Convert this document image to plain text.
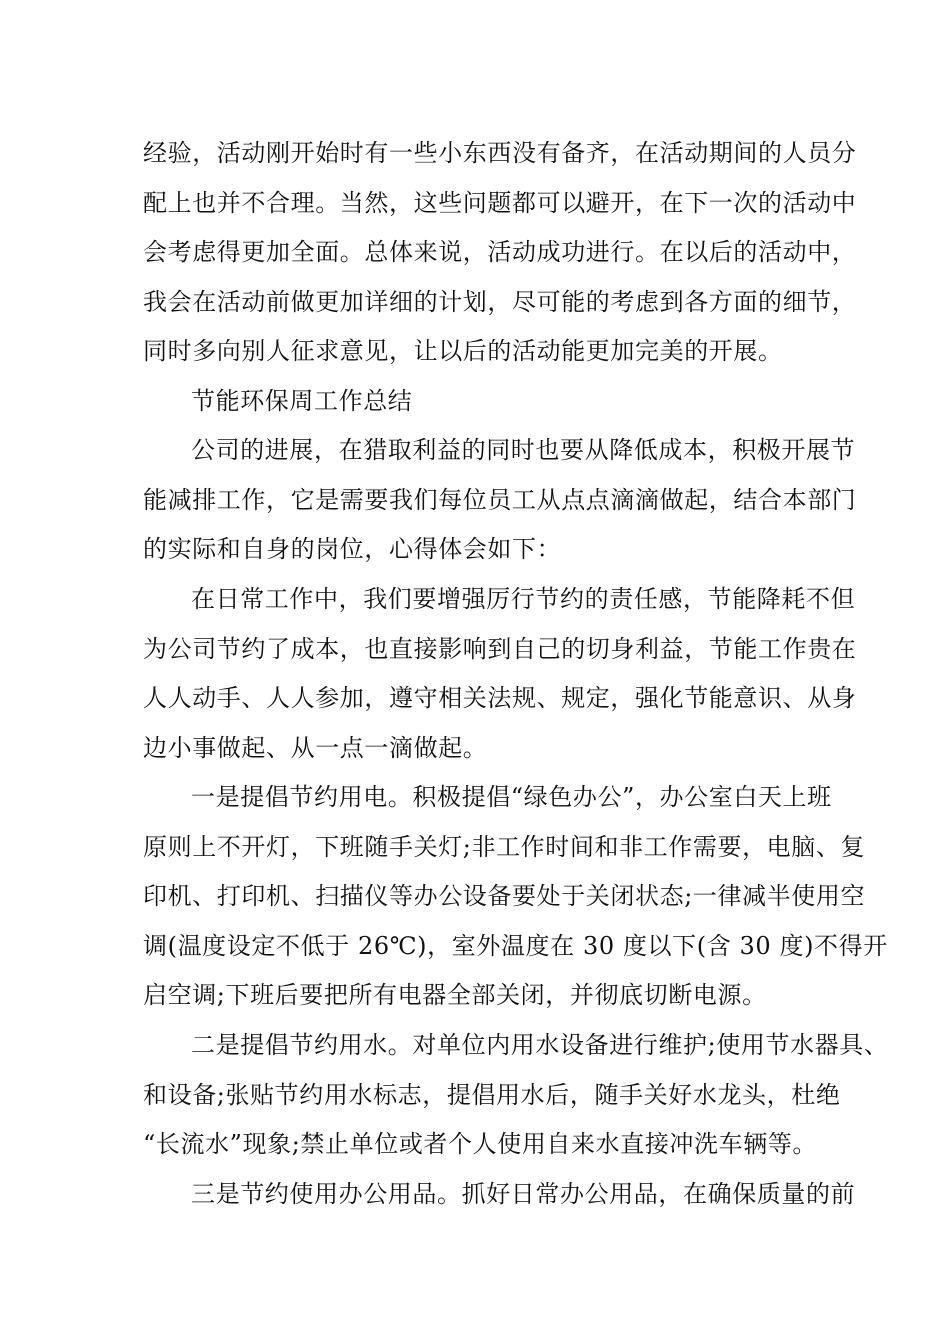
经验，活动刚开始时有一些小东西没有备齐，在活动期间的人员分
配上也并不合理。当然，这些问题都可以避开，在下一次的活动中
会考虑得更加全面。总体来说，活动成功进行。在以后的活动中，
我会在活动前做更加详细的计划，尽可能的考虑到各方面的细节，
同时多向别人征求意见，让以后的活动能更加完美的开展。
节能环保周工作总结
公司的进展，在猎取利益的同时也要从降低成本，积极开展节
能减排工作，它是需要我们每位员工从点点滴滴做起，结合本部门
的实际和自身的岗位，心得体会如下：
在日常工作中，我们要增强厉行节约的责任感，节能降耗不但
为公司节约了成本，也直接影响到自己的切身利益，节能工作贵在
人人动手、人人参加，遵守相关法规、规定，强化节能意识、从身
边小事做起、从一点一滴做起。
一是提倡节约用电。积极提倡“绿色办公”，办公室白天上班
原则上不开灯，下班随手关灯;非工作时间和非工作需要，电脑、复
印机、打印机、扫描仪等办公设备要处于关闭状态;一律减半使用空
调(温度设定不低于 26℃)，室外温度在 30 度以下(含 30 度)不得开
启空调;下班后要把所有电器全部关闭，并彻底切断电源。
二是提倡节约用水。对单位内用水设备进行维护;使用节水器具、
和设备;张贴节约用水标志，提倡用水后，随手关好水龙头，杜绝
“长流水”现象;禁止单位或者个人使用自来水直接冲洗车辆等。
三是节约使用办公用品。抓好日常办公用品，在确保质量的前
